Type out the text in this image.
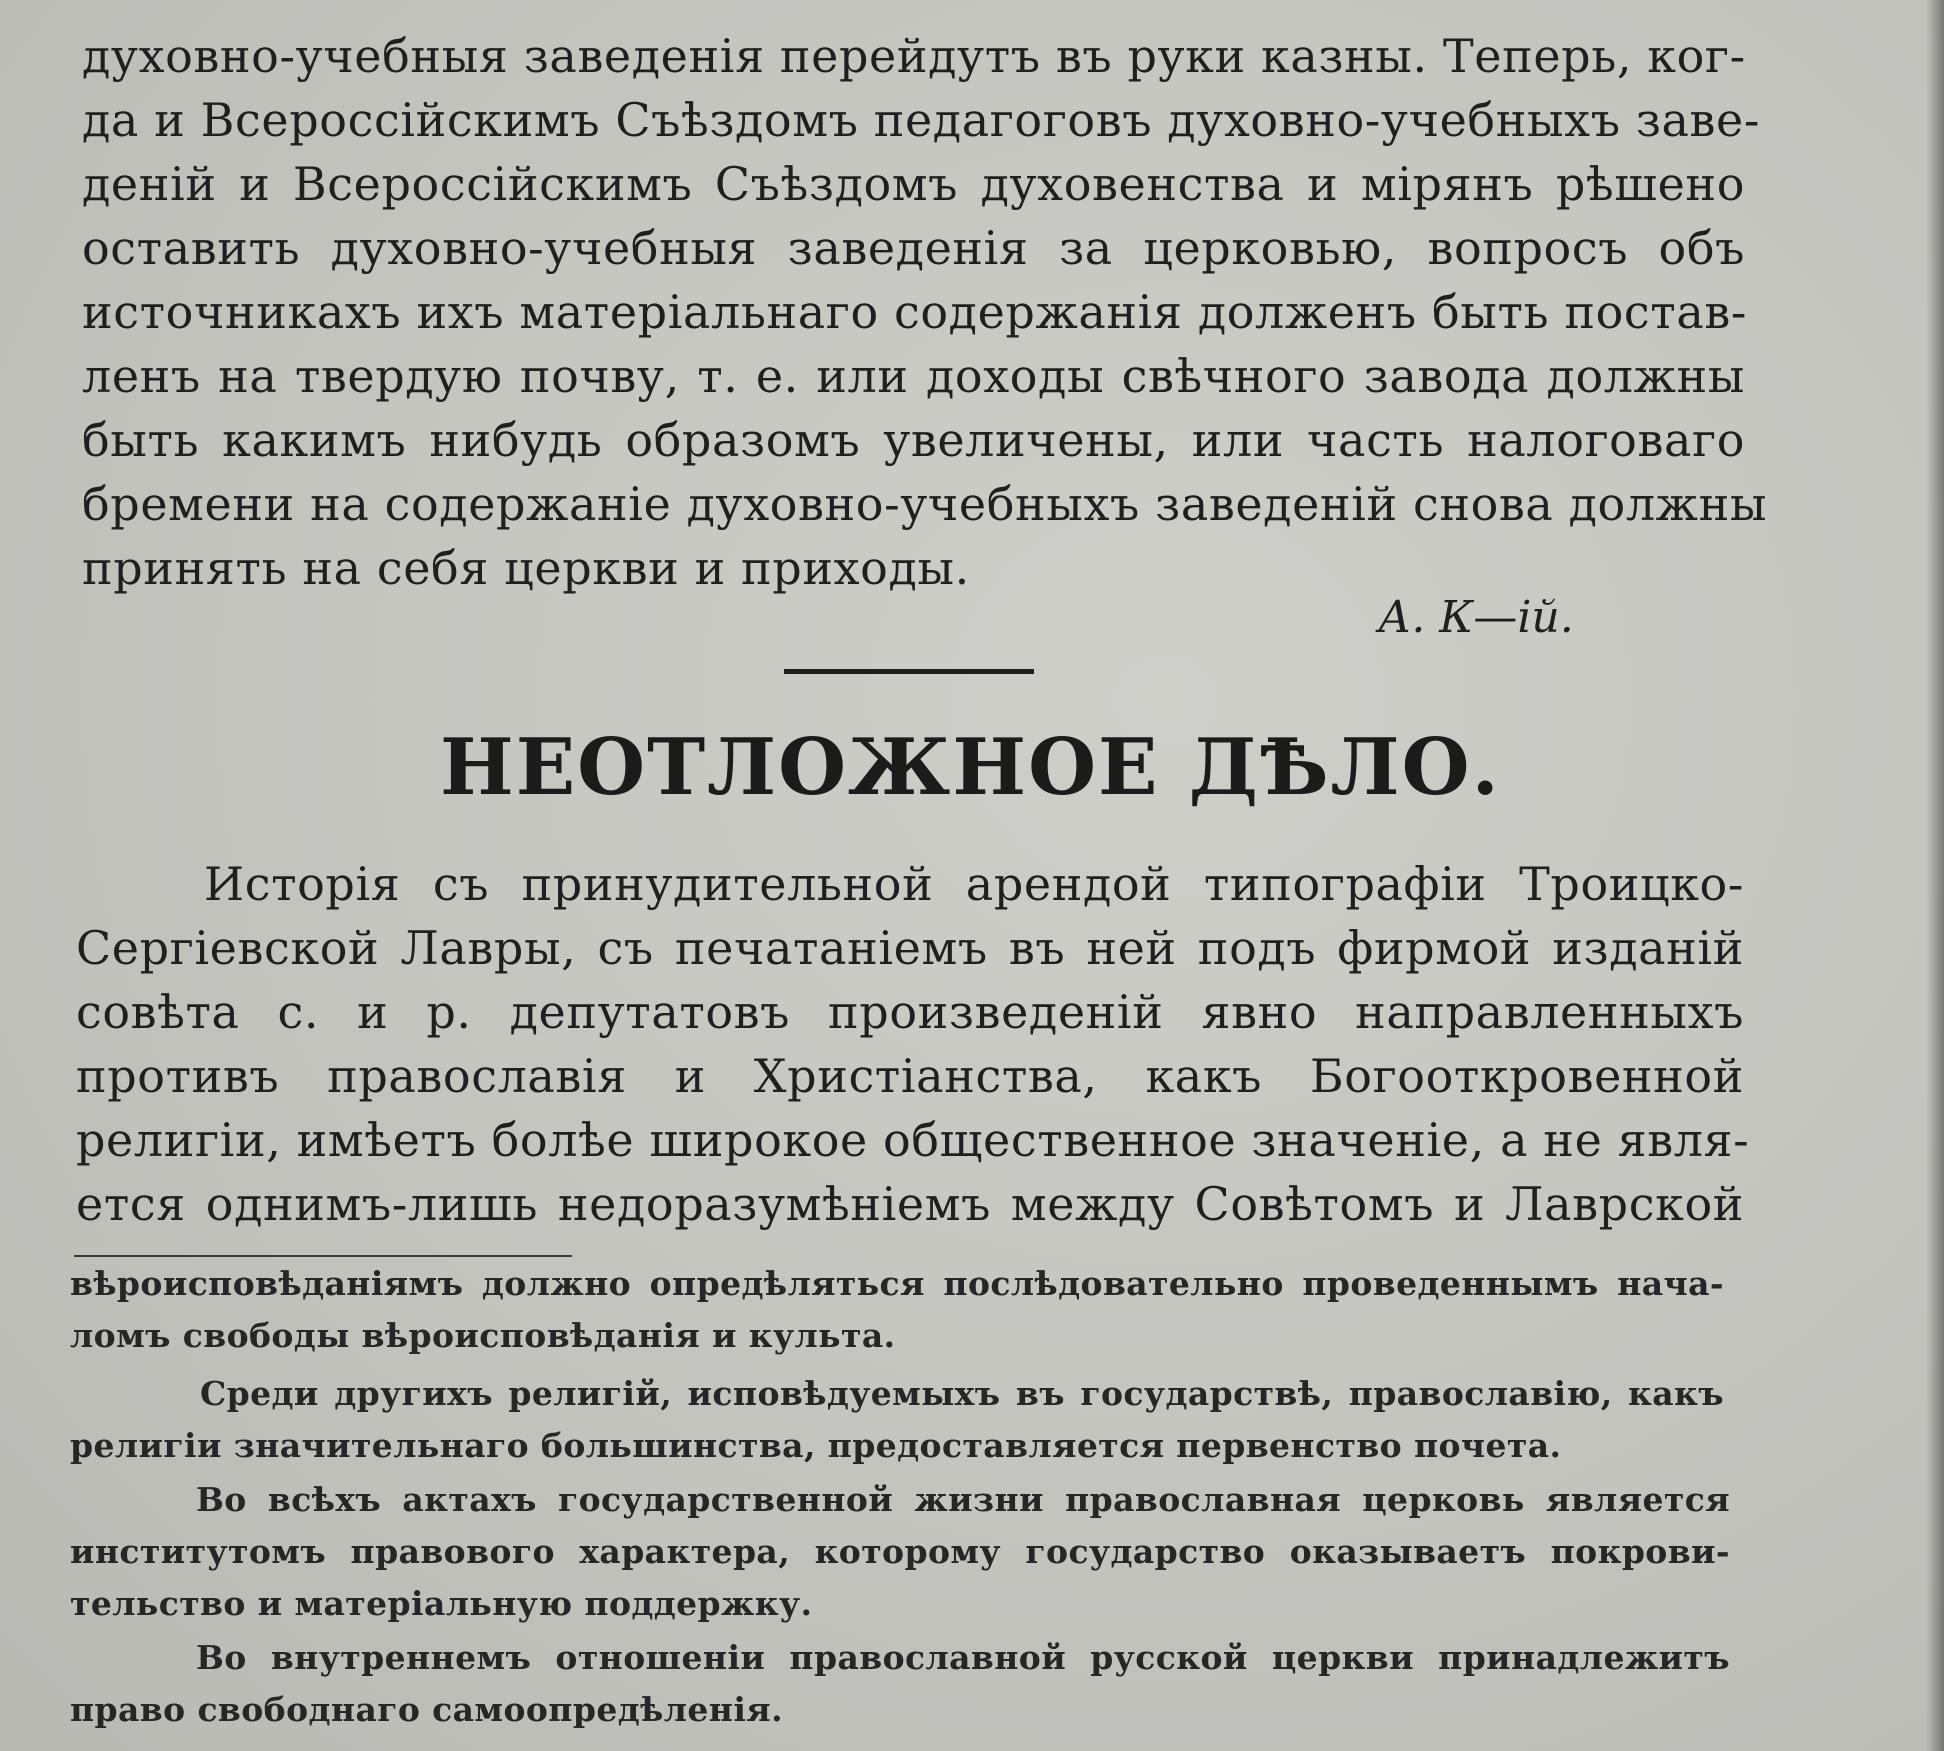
духовно-учебныя заведенія перейдутъ въ руки казны. Теперь, ког-

да и Всероссійскимъ Съѣздомъ педагоговъ духовно-учебныхъ заве-

деній и Всероссійскимъ Съѣздомъ духовенства и мірянъ рѣшено

оставить духовно-учебныя заведенія за церковью, вопросъ объ

источникахъ ихъ матеріальнаго содержанія долженъ быть постав-

ленъ на твердую почву, т. е. или доходы свѣчного завода должны

быть какимъ нибудь образомъ увеличены, или часть налоговаго

бремени на содержаніе духовно-учебныхъ заведеній снова должны

принять на себя церкви и приходы.

А. К—ій.

НЕОТЛОЖНОЕ ДѢЛО.

Исторія съ принудительной арендой типографіи Троицко-

Сергіевской Лавры, съ печатаніемъ въ ней подъ фирмой изданій

совѣта с. и р. депутатовъ произведеній явно направленныхъ

противъ православія и Христіанства, какъ Богооткровенной

религіи, имѣетъ болѣе широкое общественное значеніе, а не явля-

ется однимъ-лишь недоразумѣніемъ между Совѣтомъ и Лаврской

вѣроисповѣданіямъ должно опредѣляться послѣдовательно проведеннымъ нача-

ломъ свободы вѣроисповѣданія и культа.

Среди другихъ религій, исповѣдуемыхъ въ государствѣ, православію, какъ

религіи значительнаго большинства, предоставляется первенство почета.

Во всѣхъ актахъ государственной жизни православная церковь является

институтомъ правового характера, которому государство оказываетъ покрови-

тельство и матеріальную поддержку.

Во внутреннемъ отношеніи православной русской церкви принадлежитъ

право свободнаго самоопредѣленія.
